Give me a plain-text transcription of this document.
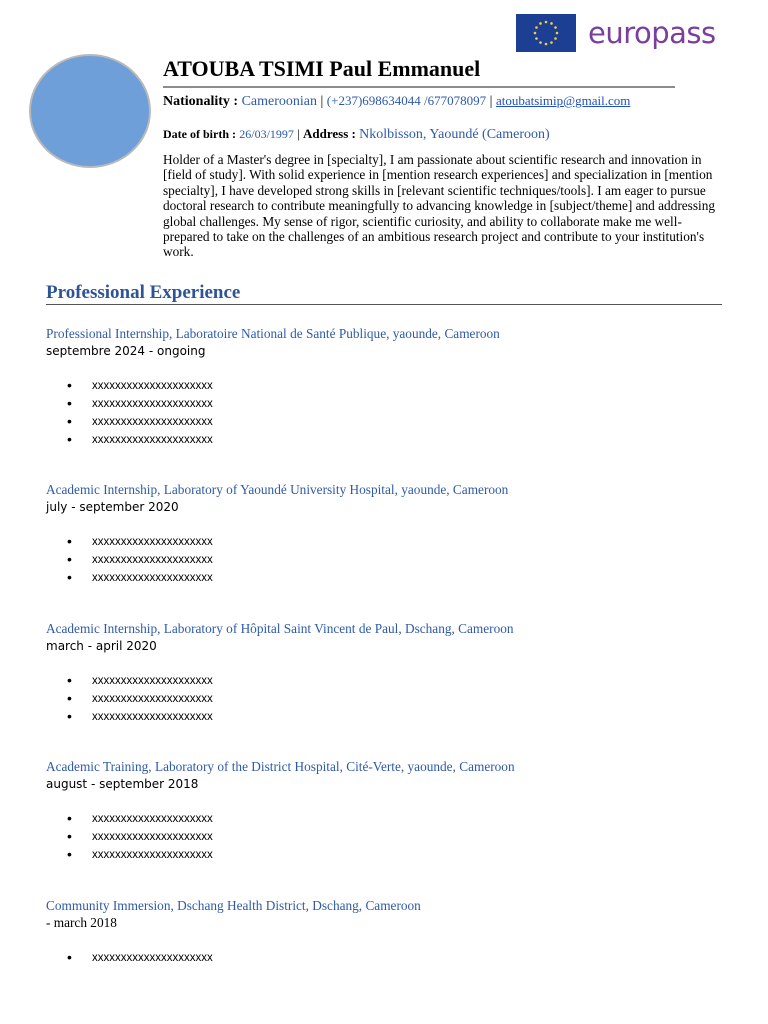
europass
ATOUBA TSIMI Paul Emmanuel
Nationality : Cameroonian | (+237)698634044 /677078097 | atoubatsimip@gmail.com
Date of birth : 26/03/1997 | Address : Nkolbisson, Yaoundé (Cameroon)

Holder of a Master's degree in [specialty], I am passionate about scientific research and innovation in [field of study]. With solid experience in [mention research experiences] and specialization in [mention specialty], I have developed strong skills in [relevant scientific techniques/tools]. I am eager to pursue doctoral research to contribute meaningfully to advancing knowledge in [subject/theme] and addressing global challenges. My sense of rigor, scientific curiosity, and ability to collaborate make me well-prepared to take on the challenges of an ambitious research project and contribute to your institution's work.

Professional Experience
Professional Internship, Laboratoire National de Santé Publique, yaounde, Cameroon
septembre 2024 - ongoing
• xxxxxxxxxxxxxxxxxxxxx
• xxxxxxxxxxxxxxxxxxxxx
• xxxxxxxxxxxxxxxxxxxxx
• xxxxxxxxxxxxxxxxxxxxx
Academic Internship, Laboratory of Yaoundé University Hospital, yaounde, Cameroon
july - september 2020
• xxxxxxxxxxxxxxxxxxxxx
• xxxxxxxxxxxxxxxxxxxxx
• xxxxxxxxxxxxxxxxxxxxx
Academic Internship, Laboratory of Hôpital Saint Vincent de Paul, Dschang, Cameroon
march - april 2020
• xxxxxxxxxxxxxxxxxxxxx
• xxxxxxxxxxxxxxxxxxxxx
• xxxxxxxxxxxxxxxxxxxxx
Academic Training, Laboratory of the District Hospital, Cité-Verte, yaounde, Cameroon
august - september 2018
• xxxxxxxxxxxxxxxxxxxxx
• xxxxxxxxxxxxxxxxxxxxx
• xxxxxxxxxxxxxxxxxxxxx
Community Immersion, Dschang Health District, Dschang, Cameroon
- march 2018
• xxxxxxxxxxxxxxxxxxxxx
